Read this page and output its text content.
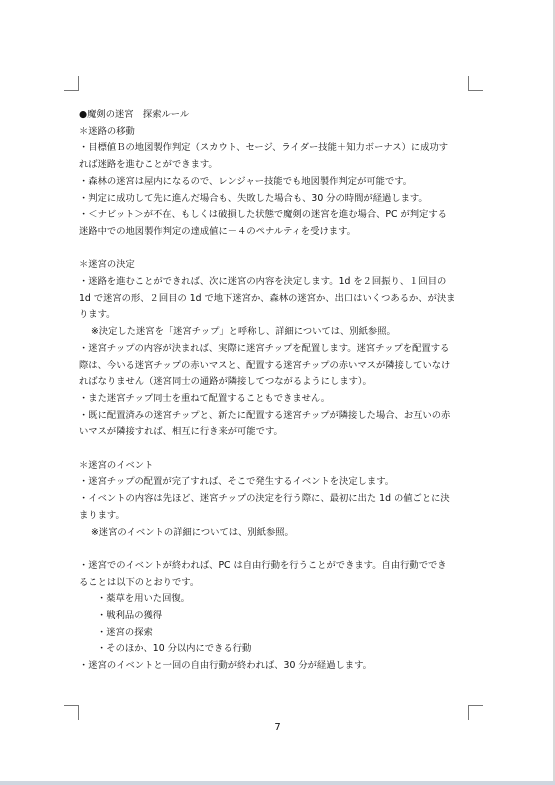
●魔剣の迷宮　探索ルール

＊迷路の移動

・目標値Ｂの地図製作判定（スカウト、セージ、ライダー技能＋知力ボーナス）に成功す

れば迷路を進むことができます。

・森林の迷宮は屋内になるので、レンジャー技能でも地図製作判定が可能です。

・判定に成功して先に進んだ場合も、失敗した場合も、30 分の時間が経過します。

・＜ナビット＞が不在、もしくは破損した状態で魔剣の迷宮を進む場合、PC が判定する

迷路中での地図製作判定の達成値に－４のペナルティを受けます。

＊迷宮の決定

・迷路を進むことができれば、次に迷宮の内容を決定します。1d を２回振り、１回目の

1d で迷宮の形、２回目の 1d で地下迷宮か、森林の迷宮か、出口はいくつあるか、が決ま

ります。

※決定した迷宮を「迷宮チップ」と呼称し、詳細については、別紙参照。

・迷宮チップの内容が決まれば、実際に迷宮チップを配置します。迷宮チップを配置する

際は、今いる迷宮チップの赤いマスと、配置する迷宮チップの赤いマスが隣接していなけ

ればなりません（迷宮同士の通路が隣接してつながるようにします）。

・また迷宮チップ同士を重ねて配置することもできません。

・既に配置済みの迷宮チップと、新たに配置する迷宮チップが隣接した場合、お互いの赤

いマスが隣接すれば、相互に行き来が可能です。

＊迷宮のイベント

・迷宮チップの配置が完了すれば、そこで発生するイベントを決定します。

・イベントの内容は先ほど、迷宮チップの決定を行う際に、最初に出た 1d の値ごとに決

まります。

※迷宮のイベントの詳細については、別紙参照。

・迷宮でのイベントが終われば、PC は自由行動を行うことができます。自由行動ででき

ることは以下のとおりです。

・薬草を用いた回復。

・戦利品の獲得

・迷宮の探索

・そのほか、10 分以内にできる行動

・迷宮のイベントと一回の自由行動が終われば、30 分が経過します。

7
